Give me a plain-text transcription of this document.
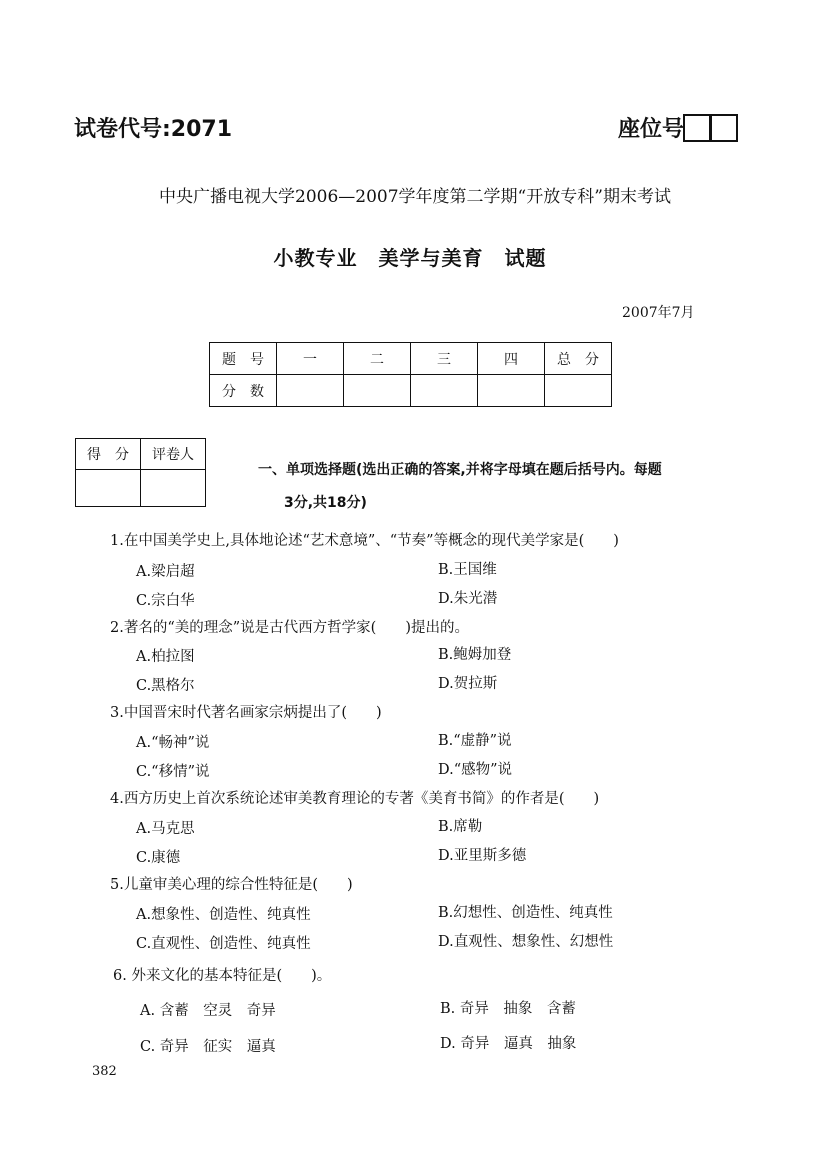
试卷代号:2071	座位号
中央广播电视大学2006—2007学年度第二学期“开放专科”期末考试
小教专业　美学与美育　试题
2007年7月
题　号	一	二	三	四	总　分
分　数					
得　分	评卷人

一、单项选择题(选出正确的答案,并将字母填在题后括号内。每题
3分,共18分)
1.在中国美学史上,具体地论述“艺术意境”、“节奏”等概念的现代美学家是(　　)
A.梁启超	B.王国维
C.宗白华	D.朱光潜
2.著名的“美的理念”说是古代西方哲学家(　　)提出的。
A.柏拉图	B.鲍姆加登
C.黑格尔	D.贺拉斯
3.中国晋宋时代著名画家宗炳提出了(　　)
A.“畅神”说	B.“虚静”说
C.“移情”说	D.“感物”说
4.西方历史上首次系统论述审美教育理论的专著《美育书简》的作者是(　　)
A.马克思	B.席勒
C.康德	D.亚里斯多德
5.儿童审美心理的综合性特征是(　　)
A.想象性、创造性、纯真性	B.幻想性、创造性、纯真性
C.直观性、创造性、纯真性	D.直观性、想象性、幻想性
6. 外来文化的基本特征是(　　)。
A. 含蓄　空灵　奇异	B. 奇异　抽象　含蓄
C. 奇异　征实　逼真	D. 奇异　逼真　抽象
382
